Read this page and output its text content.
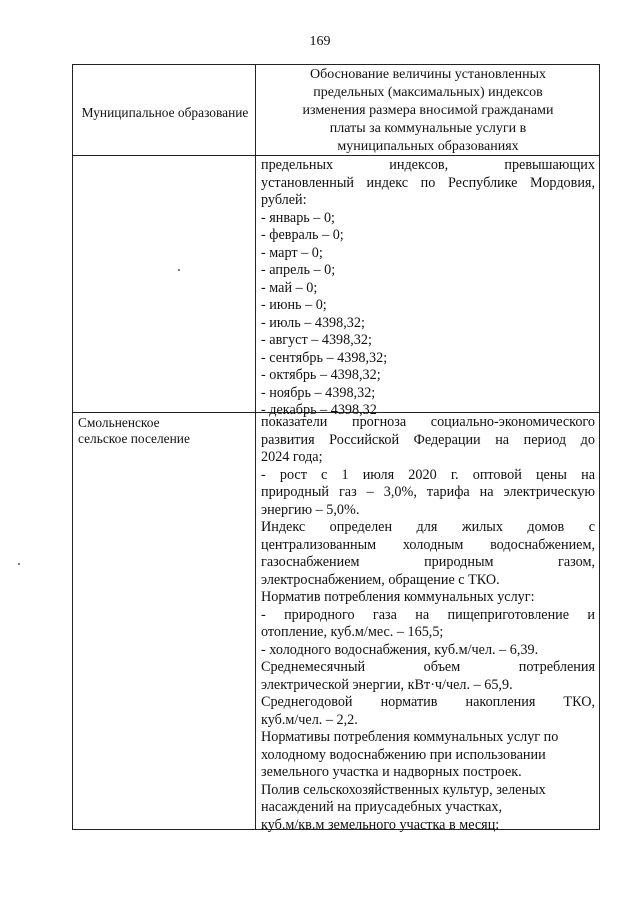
169
Муниципальное образование
Обоснование величины установленных
предельных (максимальных) индексов
изменения размера вносимой гражданами
платы за коммунальные услуги в
муниципальных образованиях
предельных индексов, превышающих
установленный индекс по Республике Мордовия,
рублей:
- январь – 0;
- февраль – 0;
- март – 0;
- апрель – 0;
- май – 0;
- июнь – 0;
- июль – 4398,32;
- август – 4398,32;
- сентябрь – 4398,32;
- октябрь – 4398,32;
- ноябрь – 4398,32;
- декабрь – 4398,32
Смольненское
сельское поселение
показатели прогноза социально-экономического
развития Российской Федерации на период до
2024 года;
- рост с 1 июля 2020 г. оптовой цены на
природный газ – 3,0%, тарифа на электрическую
энергию – 5,0%.
Индекс определен для жилых домов с
централизованным холодным водоснабжением,
газоснабжением природным газом,
электроснабжением, обращение с ТКО.
Норматив потребления коммунальных услуг:
- природного газа на пищеприготовление и
отопление, куб.м/мес. – 165,5;
- холодного водоснабжения, куб.м/чел. – 6,39.
Среднемесячный объем потребления
электрической энергии, кВт·ч/чел. – 65,9.
Среднегодовой норматив накопления ТКО,
куб.м/чел. – 2,2.
Нормативы потребления коммунальных услуг по
холодному водоснабжению при использовании
земельного участка и надворных построек.
Полив сельскохозяйственных культур, зеленых
насаждений на приусадебных участках,
куб.м/кв.м земельного участка в месяц:
